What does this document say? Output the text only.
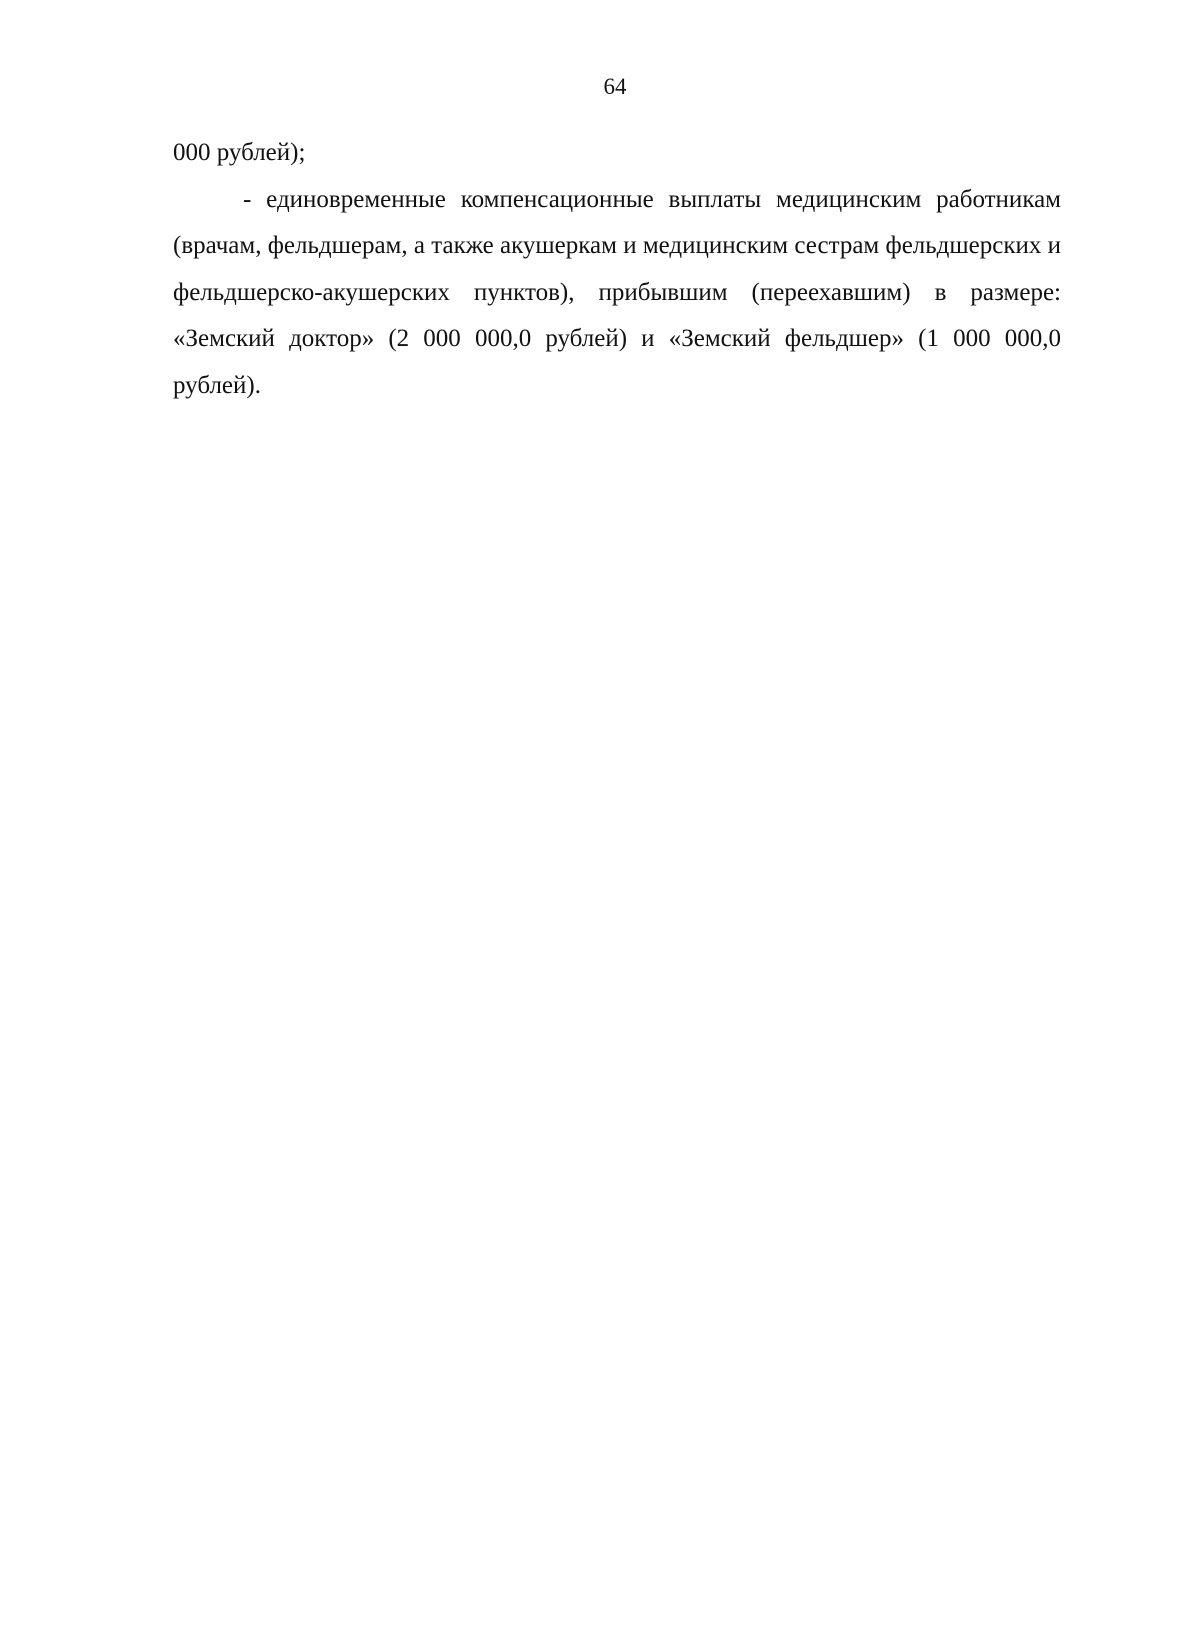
64

000 рублей);

- единовременные компенсационные выплаты медицинским работникам (врачам, фельдшерам, а также акушеркам и медицинским сестрам фельдшерских и фельдшерско-акушерских пунктов), прибывшим (переехавшим) в размере: «Земский доктор» (2 000 000,0 рублей) и «Земский фельдшер» (1 000 000,0 рублей).
